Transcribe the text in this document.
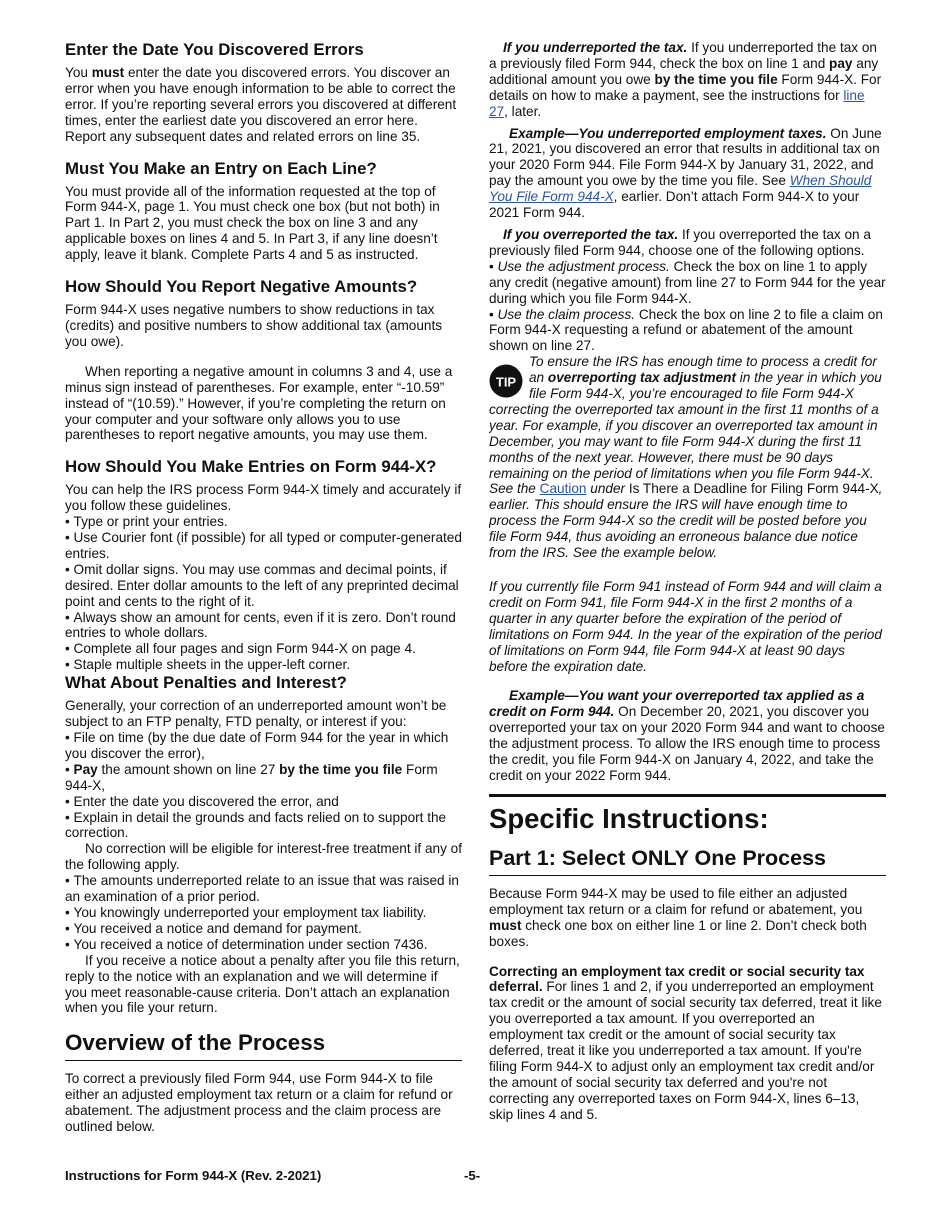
Enter the Date You Discovered Errors

You must enter the date you discovered errors. You discover an error when you have enough information to be able to correct the error. If you’re reporting several errors you discovered at different times, enter the earliest date you discovered an error here. Report any subsequent dates and related errors on line 35.

Must You Make an Entry on Each Line?

You must provide all of the information requested at the top of Form 944-X, page 1. You must check one box (but not both) in Part 1. In Part 2, you must check the box on line 3 and any applicable boxes on lines 4 and 5. In Part 3, if any line doesn’t apply, leave it blank. Complete Parts 4 and 5 as instructed.

How Should You Report Negative Amounts?

Form 944-X uses negative numbers to show reductions in tax (credits) and positive numbers to show additional tax (amounts you owe).

When reporting a negative amount in columns 3 and 4, use a minus sign instead of parentheses. For example, enter “-10.59” instead of “(10.59).” However, if you’re completing the return on your computer and your software only allows you to use parentheses to report negative amounts, you may use them.

How Should You Make Entries on Form 944-X?

You can help the IRS process Form 944-X timely and accurately if you follow these guidelines.

• Type or print your entries.

• Use Courier font (if possible) for all typed or computer-generated entries.

• Omit dollar signs. You may use commas and decimal points, if desired. Enter dollar amounts to the left of any preprinted decimal point and cents to the right of it.

• Always show an amount for cents, even if it is zero. Don’t round entries to whole dollars.

• Complete all four pages and sign Form 944-X on page 4.

• Staple multiple sheets in the upper-left corner.

What About Penalties and Interest?

Generally, your correction of an underreported amount won’t be subject to an FTP penalty, FTD penalty, or interest if you:

• File on time (by the due date of Form 944 for the year in which you discover the error),

• Pay the amount shown on line 27 by the time you file Form 944-X,

• Enter the date you discovered the error, and

• Explain in detail the grounds and facts relied on to support the correction.

No correction will be eligible for interest-free treatment if any of the following apply.

• The amounts underreported relate to an issue that was raised in an examination of a prior period.

• You knowingly underreported your employment tax liability.

• You received a notice and demand for payment.

• You received a notice of determination under section 7436.

If you receive a notice about a penalty after you file this return, reply to the notice with an explanation and we will determine if you meet reasonable-cause criteria. Don’t attach an explanation when you file your return.

Overview of the Process

To correct a previously filed Form 944, use Form 944-X to file either an adjusted employment tax return or a claim for refund or abatement. The adjustment process and the claim process are outlined below.

If you underreported the tax. If you underreported the tax on a previously filed Form 944, check the box on line 1 and pay any additional amount you owe by the time you file Form 944-X. For details on how to make a payment, see the instructions for line 27, later.

Example—You underreported employment taxes. On June 21, 2021, you discovered an error that results in additional tax on your 2020 Form 944. File Form 944-X by January 31, 2022, and pay the amount you owe by the time you file. See When Should You File Form 944-X, earlier. Don’t attach Form 944-X to your 2021 Form 944.

If you overreported the tax. If you overreported the tax on a previously filed Form 944, choose one of the following options.

• Use the adjustment process. Check the box on line 1 to apply any credit (negative amount) from line 27 to Form 944 for the year during which you file Form 944-X.

• Use the claim process. Check the box on line 2 to file a claim on Form 944-X requesting a refund or abatement of the amount shown on line 27.

TIP

To ensure the IRS has enough time to process a credit for an overreporting tax adjustment in the year in which you file Form 944-X, you’re encouraged to file Form 944-X correcting the overreported tax amount in the first 11 months of a year. For example, if you discover an overreported tax amount in December, you may want to file Form 944-X during the first 11 months of the next year. However, there must be 90 days remaining on the period of limitations when you file Form 944-X. See the Caution under Is There a Deadline for Filing Form 944-X, earlier. This should ensure the IRS will have enough time to process the Form 944-X so the credit will be posted before you file Form 944, thus avoiding an erroneous balance due notice from the IRS. See the example below.

If you currently file Form 941 instead of Form 944 and will claim a credit on Form 941, file Form 944-X in the first 2 months of a quarter in any quarter before the expiration of the period of limitations on Form 944. In the year of the expiration of the period of limitations on Form 944, file Form 944-X at least 90 days before the expiration date.

Example—You want your overreported tax applied as a credit on Form 944. On December 20, 2021, you discover you overreported your tax on your 2020 Form 944 and want to choose the adjustment process. To allow the IRS enough time to process the credit, you file Form 944-X on January 4, 2022, and take the credit on your 2022 Form 944.

Specific Instructions:
Part 1: Select ONLY One Process

Because Form 944-X may be used to file either an adjusted employment tax return or a claim for refund or abatement, you must check one box on either line 1 or line 2. Don’t check both boxes.

Correcting an employment tax credit or social security tax deferral. For lines 1 and 2, if you underreported an employment tax credit or the amount of social security tax deferred, treat it like you overreported a tax amount. If you overreported an employment tax credit or the amount of social security tax deferred, treat it like you underreported a tax amount. If you're filing Form 944-X to adjust only an employment tax credit and/or the amount of social security tax deferred and you're not correcting any overreported taxes on Form 944-X, lines 6–13, skip lines 4 and 5.

Instructions for Form 944-X (Rev. 2-2021)	-5-
